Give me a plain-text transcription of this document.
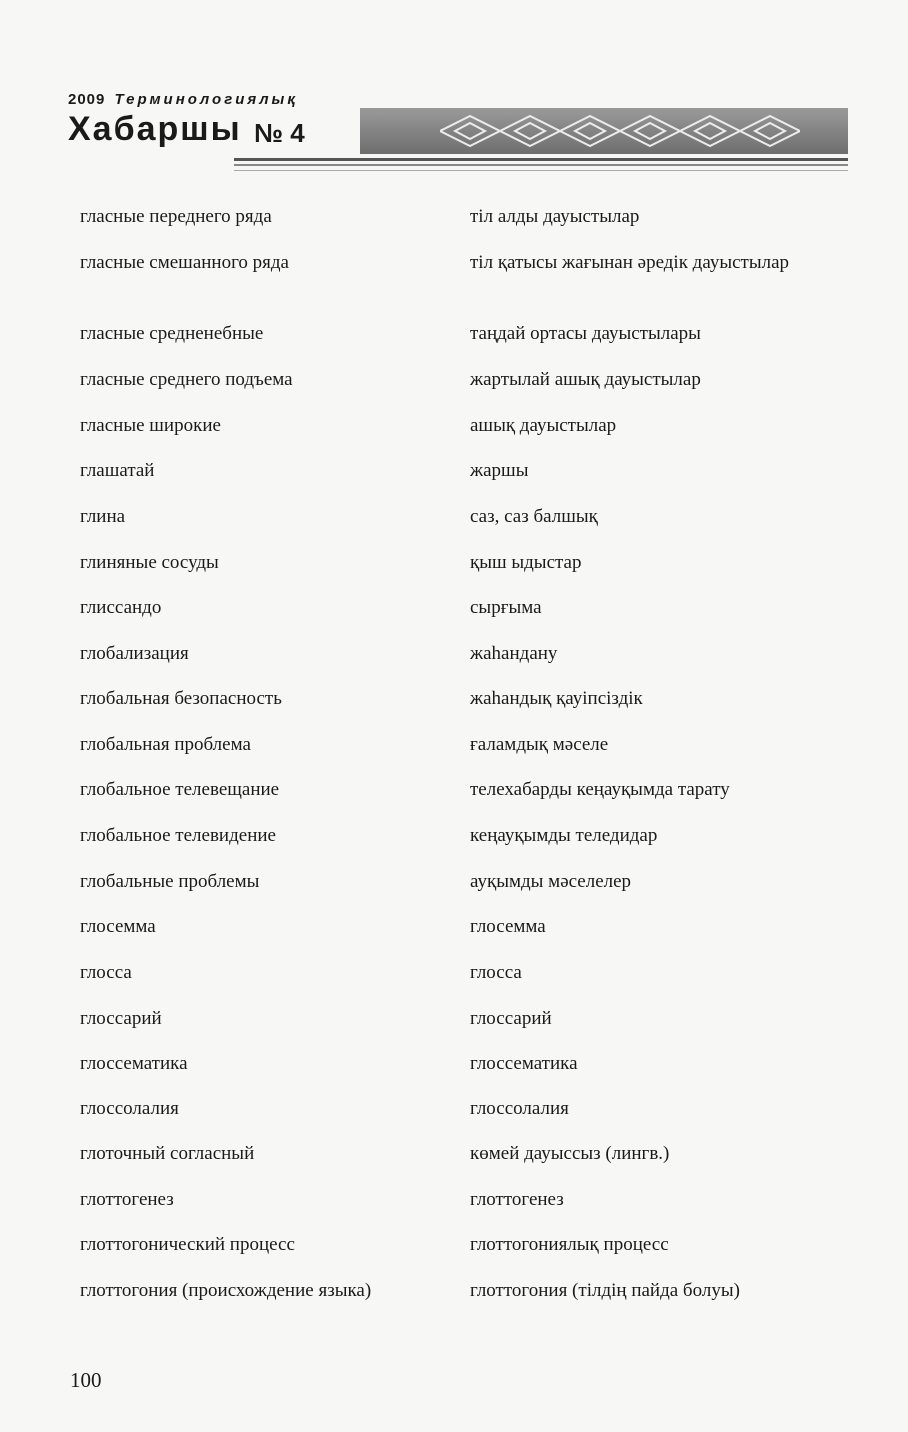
2009 Терминологиялық
Хабаршы № 4
гласные переднего ряда	тіл алды дауыстылар
гласные смешанного ряда	тіл қатысы жағынан әредік дауыстылар
гласные средненебные	таңдай ортасы дауыстылары
гласные среднего подъема	жартылай ашық дауыстылар
гласные широкие	ашық дауыстылар
глашатай	жаршы
глина	саз, саз балшық
глиняные сосуды	қыш ыдыстар
глиссандо	сырғыма
глобализация	жаһандану
глобальная безопасность	жаһандық қауіпсіздік
глобальная проблема	ғаламдық мәселе
глобальное телевещание	телехабарды кеңауқымда тарату
глобальное телевидение	кеңауқымды теледидар
глобальные проблемы	ауқымды мәселелер
глосемма	глосемма
глосса	глосса
глоссарий	глоссарий
глоссематика	глоссематика
глоссолалия	глоссолалия
глоточный согласный	көмей дауыссыз (лингв.)
глоттогенез	глоттогенез
глоттогонический процесс	глоттогониялық процесс
глоттогония (происхождение языка)	глоттогония (тілдің пайда болуы)
100
